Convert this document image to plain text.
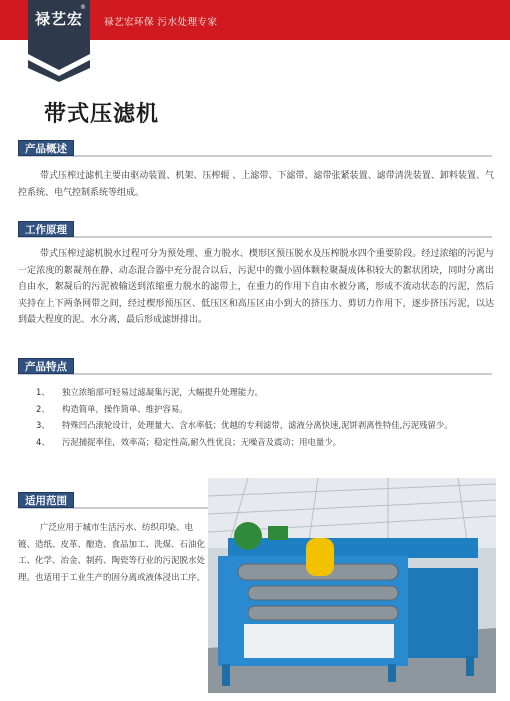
禄艺宏环保 污水处理专家
禄艺宏
®
带式压滤机
产品概述

带式压榨过滤机主要由驱动装置、机架、压榨辊 、上滤带、下滤带、滤带张紧装置、滤带清洗装置、卸料装置、气控系统、电气控制系统等组成。

工作原理

带式压榨过滤机脱水过程可分为预处理、重力脱水、楔形区预压脱水及压榨脱水四个重要阶段。经过浓缩的污泥与一定浓度的絮凝剂在静、动态混合器中充分混合以后，污泥中的微小固体颗粒聚凝成体积较大的絮状团块，同时分离出自由水，絮凝后的污泥被输送到浓缩重力脱水的滤带上，在重力的作用下自由水被分离，形成不流动状态的污泥，然后夹持在上下两条网带之间，经过楔形预压区、低压区和高压区由小到大的挤压力、剪切力作用下，逐步挤压污泥，以达到最大程度的泥、水分离，最后形成滤饼排出。

产品特点
1、 独立浓缩部可轻易过滤凝集污泥，大幅提升处理能力。
2、 构造简单，操作简单、维护容易。
3、 特殊凹凸滚轮设计，处理量大、含水率低；优越的专利滤带，滤液分离快速,泥饼剥离性特佳,污泥残留少。
4、 污泥捕捉率佳，效率高；稳定性高,耐久性优良；无噪音及震动；用电量少。
适用范围

广泛应用于城市生活污水、纺织印染、电镀、造纸、皮革、酿造、食品加工、洗煤、石油化工、化学、冶金、制药、陶瓷等行业的污泥脱水处理。也适用于工业生产的固分离或液体浸出工序。
